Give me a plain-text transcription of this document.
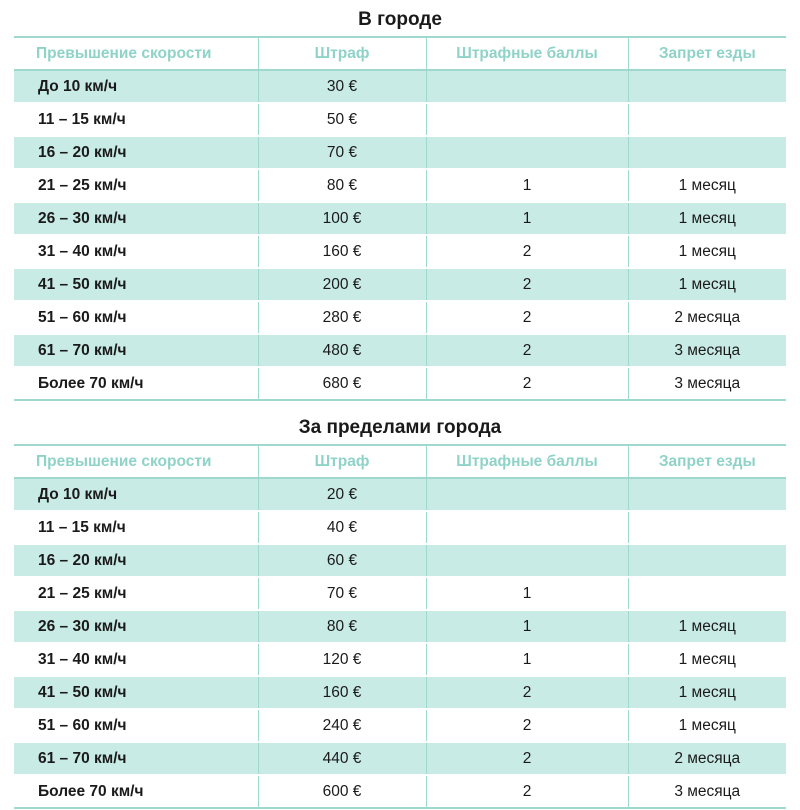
В городе
Превышение скорости	Штраф	Штрафные баллы	Запрет езды
До 10 км/ч	30 €		
11 – 15 км/ч	50 €		
16 – 20 км/ч	70 €		
21 – 25 км/ч	80 €	1	1 месяц
26 – 30 км/ч	100 €	1	1 месяц
31 – 40 км/ч	160 €	2	1 месяц
41 – 50 км/ч	200 €	2	1 месяц
51 – 60 км/ч	280 €	2	2 месяца
61 – 70 км/ч	480 €	2	3 месяца
Более 70 км/ч	680 €	2	3 месяца
За пределами города
Превышение скорости	Штраф	Штрафные баллы	Запрет езды
До 10 км/ч	20 €		
11 – 15 км/ч	40 €		
16 – 20 км/ч	60 €		
21 – 25 км/ч	70 €	1	
26 – 30 км/ч	80 €	1	1 месяц
31 – 40 км/ч	120 €	1	1 месяц
41 – 50 км/ч	160 €	2	1 месяц
51 – 60 км/ч	240 €	2	1 месяц
61 – 70 км/ч	440 €	2	2 месяца
Более 70 км/ч	600 €	2	3 месяца
